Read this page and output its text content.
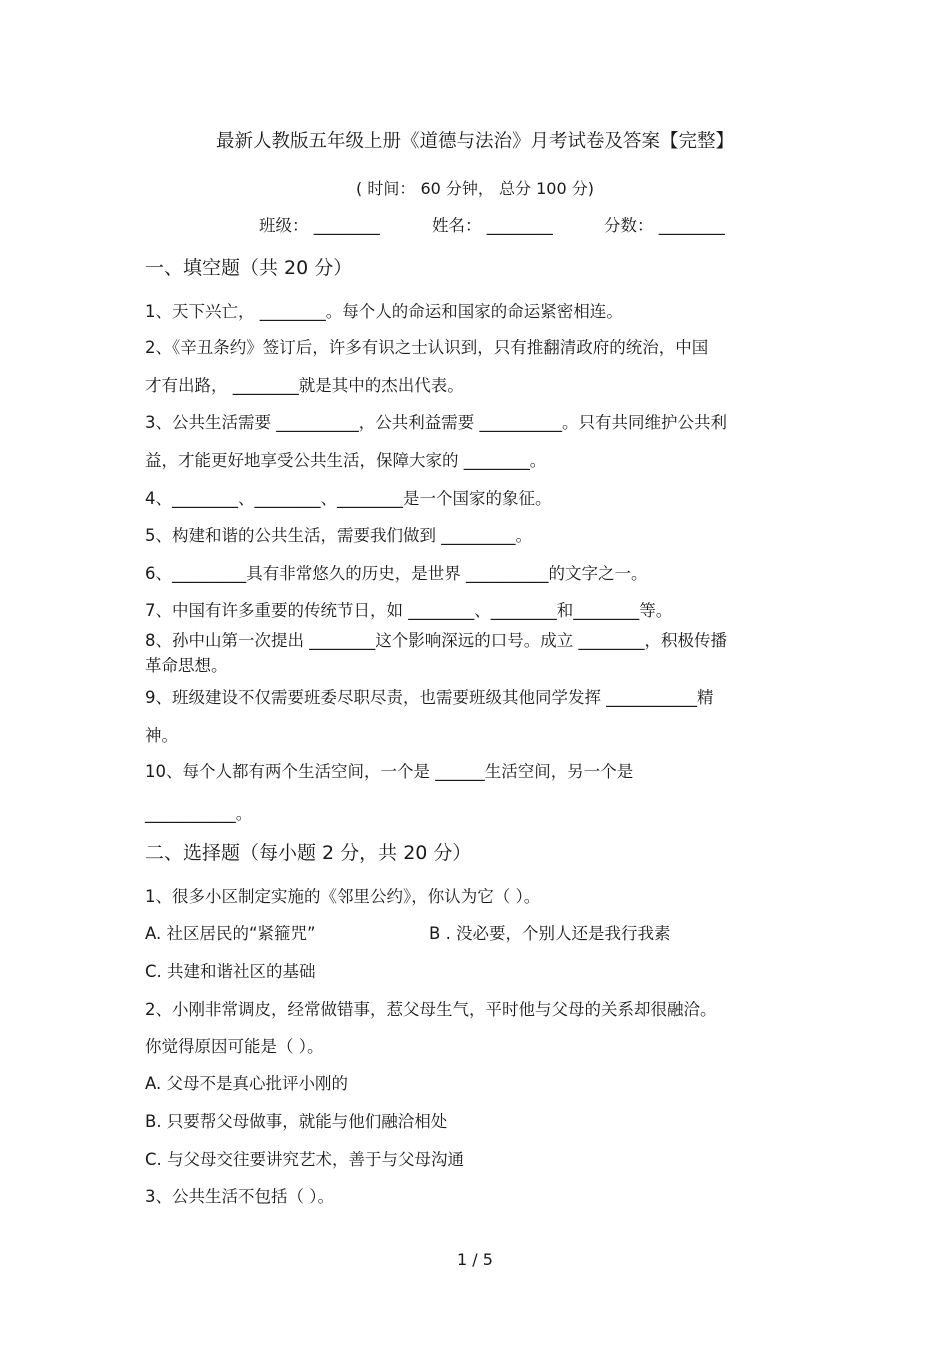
最新人教版五年级上册《道德与法治》月考试卷及答案【完整】
( 时间： 60 分钟， 总分 100 分)
班级： ________	姓名： ________	分数： ________
一、填空题（共 20 分）
1、天下兴亡， ________。每个人的命运和国家的命运紧密相连。
2、《辛丑条约》签订后，许多有识之士认识到，只有推翻清政府的统治，中国
才有出路， ________就是其中的杰出代表。
3、公共生活需要 __________，公共利益需要 __________。只有共同维护公共利
益，才能更好地享受公共生活，保障大家的 ________。
4、________、________、________是一个国家的象征。
5、构建和谐的公共生活，需要我们做到 _________。
6、_________具有非常悠久的历史，是世界 __________的文字之一。
7、中国有许多重要的传统节日，如 ________、________和________等。
8、孙中山第一次提出 ________这个影响深远的口号。成立 ________，积极传播
革命思想。
9、班级建设不仅需要班委尽职尽责，也需要班级其他同学发挥 ___________精
神。
10、每个人都有两个生活空间，一个是 ______生活空间，另一个是
___________。
二、选择题（每小题 2 分，共 20 分）
1、很多小区制定实施的《邻里公约》，你认为它（ ）。
A. 社区居民的“紧箍咒”	B . 没必要，个别人还是我行我素
C. 共建和谐社区的基础
2、小刚非常调皮，经常做错事，惹父母生气，平时他与父母的关系却很融洽。
你觉得原因可能是（ ）。
A. 父母不是真心批评小刚的
B. 只要帮父母做事，就能与他们融洽相处
C. 与父母交往要讲究艺术，善于与父母沟通
3、公共生活不包括（ ）。
1 / 5
